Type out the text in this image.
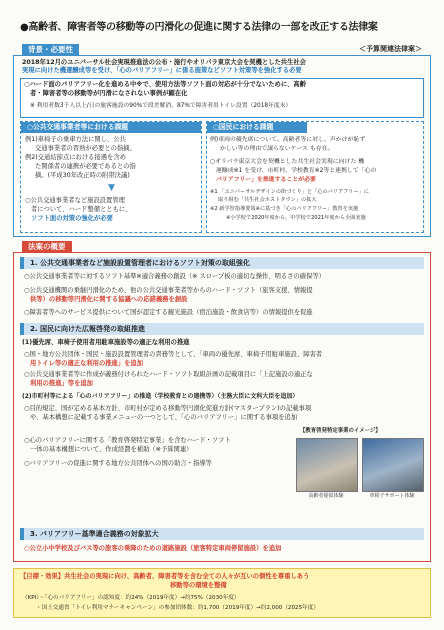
●高齢者、障害者等の移動等の円滑化の促進に関する法律の一部を改正する法律案
＜予算関連法律案＞
背景・必要性
2018年12月のユニバーサル社会実現推進法の公布・施行やオリパラ東京大会を契機とした共生社会
実現に向けた機運醸成等を受け、「心のバリアフリー」に係る施策などソフト対策等を強化する必要
○ハード面のバリアフリー化を進める中※で、使用方法等ソフト面の対応が十分でないために、高齢
者・障害者等の移動等が円滑になされない事例が顕在化
※ 利用者数3千人以上/日の旅客施設の90%で段差解消、87%で障害者用トイレ設置（2018年度末）
○公共交通事業者等における課題
例1)車椅子の乗車方法に関し、公共
交通事業者の習熟が必要との指摘。
例2)交通結節点における接遇を含め
た関係者の連携が必要であるとの指
摘。(平成30年改正時の附帯決議)
▼
○公共交通事業者など施設設置管理
者について、ハード整備とともに、
ソフト面の対策の強化が必要
○国民における課題
例)車両の優先席について、高齢者等に対し、声かけが恥ず
かしい等の理由で譲らないケース も存在。
○オリパラ東京大会を契機とした共生社会実現に向けた 機
運醸成※1 を受け、市町村、学校教育※2等と連携して「心の
バリアフリー」を推進することが必要
※1 「ユニバーサルデザインの街づくり」と「心のバリアフリー」に
取り組む「共生社会ホストタウン」の拡大
※2 新学習指導要領※に基づき「心のバリアフリー」教育を実施
※小学校で2020年度から、中学校で2021年度から全面実施
法案の概要
1. 公共交通事業者など施設設置管理者におけるソフト対策の取組強化
○公共交通事業者等に対するソフト基準※適合義務の創設（※ スロープ板の適切な操作、明るさの確保等）
○公共交通機関の乗継円滑化のため、他の公共交通事業者等からのハード・ソフト（旅客支援、情報提
供等）の移動等円滑化に関する協議への応諾義務を創設
○障害者等へのサービス提供について国が認定する観光施設（宿泊施設・飲食店等）の情報提供を促進
2. 国民に向けた広報啓発の取組推進
(1)優先席、車椅子使用者用駐車施設等の適正な利用の推進
○国・地方公共団体・国民・施設設置管理者の責務等として、「車両の優先席、車椅子用駐車施設、障害者
用トイレ等の適正な利用の推進」を追加
○公共交通事業者等に作成が義務付けられたハード・ソフト取組計画の記載項目に「上記施設の適正な
利用の推進」等を追加
(2)市町村等による「心のバリアフリー」の推進（学校教育との連携等）（主務大臣に文科大臣を追加）
○目的規定、国が定める基本方針、市町村が定める移動等円滑化促進方針(マスタープラン)の記載事項
や、基本構想に記載する事業メニューの一つとして、「心のバリアフリー」に関する事項を追加
○心のバリアフリーに関する「教育啓発特定事業」を含むハード・ソフト
一体の基本構想について、作成経費を補助（※予算関連）
○バリアフリーの促進に関する地方公共団体への国の助言・指導等
【教育啓発特定事業のイメージ】
高齢者疑似体験	車椅子サポート体験
3. バリアフリー基準適合義務の対象拡大
○公立小中学校及びバス等の旅客の乗降のための道路施設（旅客特定車両停留施設）を追加
【目標・効果】共生社会の実現に向け、高齢者、障害者等を含む全ての人々が互いの個性を尊重しあう
移動等の環境を整備
（KPI）・「心のバリアフリー」の認知度：約24%（2019年度）→約75%（2030年度）
・国土交通省「トイレ利用マナーキャンペーン」の参加団体数：約1,700（2019年度）→約2,000（2025年度）
